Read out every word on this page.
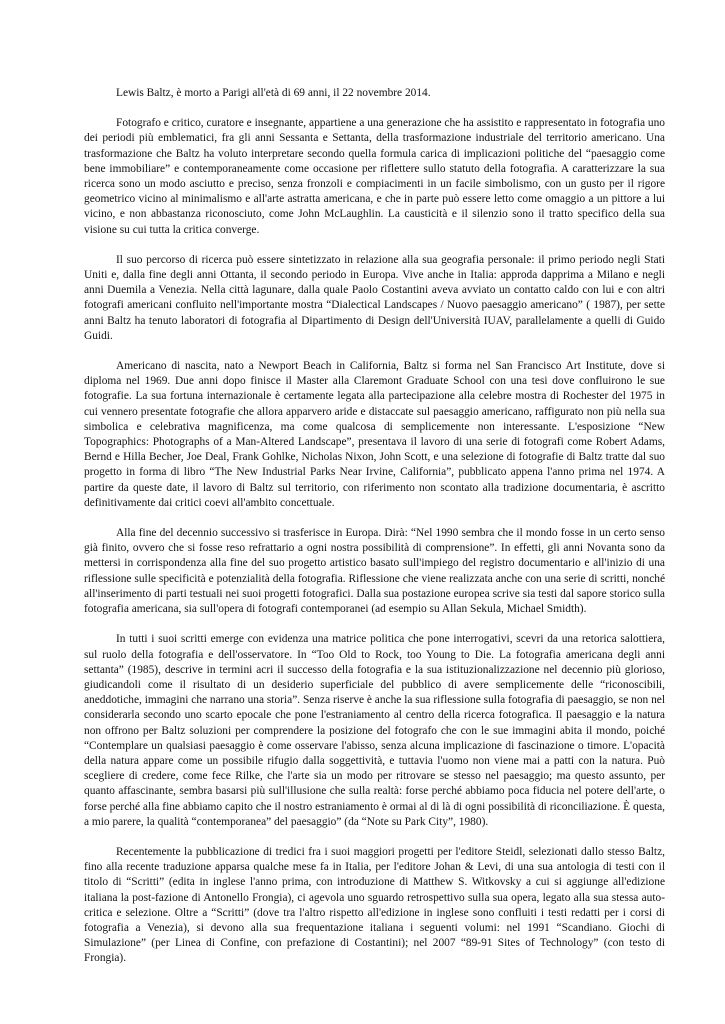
Lewis Baltz, è morto a Parigi all'età di 69 anni, il 22 novembre 2014.

Fotografo e critico, curatore e insegnante, appartiene a una generazione che ha assistito e rappresentato in fotografia uno dei periodi più emblematici, fra gli anni Sessanta e Settanta, della trasformazione industriale del territorio americano. Una trasformazione che Baltz ha voluto interpretare secondo quella formula carica di implicazioni politiche del “paesaggio come bene immobiliare” e contemporaneamente come occasione per riflettere sullo statuto della fotografia. A caratterizzare la sua ricerca sono un modo asciutto e preciso, senza fronzoli e compiacimenti in un facile simbolismo, con un gusto per il rigore geometrico vicino al minimalismo e all'arte astratta americana, e che in parte può essere letto come omaggio a un pittore a lui vicino, e non abbastanza riconosciuto, come John McLaughlin. La causticità e il silenzio sono il tratto specifico della sua visione su cui tutta la critica converge.

Il suo percorso di ricerca può essere sintetizzato in relazione alla sua geografia personale: il primo periodo negli Stati Uniti e, dalla fine degli anni Ottanta, il secondo periodo in Europa. Vive anche in Italia: approda dapprima a Milano e negli anni Duemila a Venezia. Nella città lagunare, dalla quale Paolo Costantini aveva avviato un contatto caldo con lui e con altri fotografi americani confluito nell'importante mostra “Dialectical Landscapes / Nuovo paesaggio americano” ( 1987), per sette anni Baltz ha tenuto laboratori di fotografia al Dipartimento di Design dell'Università IUAV, parallelamente a quelli di Guido Guidi.

Americano di nascita, nato a Newport Beach in California, Baltz si forma nel San Francisco Art Institute, dove si diploma nel 1969. Due anni dopo finisce il Master alla Claremont Graduate School con una tesi dove confluirono le sue fotografie. La sua fortuna internazionale è certamente legata alla partecipazione alla celebre mostra di Rochester del 1975 in cui vennero presentate fotografie che allora apparvero aride e distaccate sul paesaggio americano, raffigurato non più nella sua simbolica e celebrativa magnificenza, ma come qualcosa di semplicemente non interessante. L'esposizione “New Topographics: Photographs of a Man-Altered Landscape”, presentava il lavoro di una serie di fotografi come Robert Adams, Bernd e Hilla Becher, Joe Deal, Frank Gohlke, Nicholas Nixon, John Scott, e una selezione di fotografie di Baltz tratte dal suo progetto in forma di libro “The New Industrial Parks Near Irvine, California”, pubblicato appena l'anno prima nel 1974. A partire da queste date, il lavoro di Baltz sul territorio, con riferimento non scontato alla tradizione documentaria, è ascritto definitivamente dai critici coevi all'ambito concettuale.

Alla fine del decennio successivo si trasferisce in Europa. Dirà: “Nel 1990 sembra che il mondo fosse in un certo senso già finito, ovvero che si fosse reso refrattario a ogni nostra possibilità di comprensione”. In effetti, gli anni Novanta sono da mettersi in corrispondenza alla fine del suo progetto artistico basato sull'impiego del registro documentario e all'inizio di una riflessione sulle specificità e potenzialità della fotografia. Riflessione che viene realizzata anche con una serie di scritti, nonché all'inserimento di parti testuali nei suoi progetti fotografici. Dalla sua postazione europea scrive sia testi dal sapore storico sulla fotografia americana, sia sull'opera di fotografi contemporanei (ad esempio su Allan Sekula, Michael Smidth).

In tutti i suoi scritti emerge con evidenza una matrice politica che pone interrogativi, scevri da una retorica salottiera, sul ruolo della fotografia e dell'osservatore. In “Too Old to Rock, too Young to Die. La fotografia americana degli anni settanta” (1985), descrive in termini acri il successo della fotografia e la sua istituzionalizzazione nel decennio più glorioso, giudicandoli come il risultato di un desiderio superficiale del pubblico di avere semplicemente delle “riconoscibili, aneddotiche, immagini che narrano una storia”. Senza riserve è anche la sua riflessione sulla fotografia di paesaggio, se non nel considerarla secondo uno scarto epocale che pone l'estraniamento al centro della ricerca fotografica. Il paesaggio e la natura non offrono per Baltz soluzioni per comprendere la posizione del fotografo che con le sue immagini abita il mondo, poiché “Contemplare un qualsiasi paesaggio è come osservare l'abisso, senza alcuna implicazione di fascinazione o timore. L'opacità della natura appare come un possibile rifugio dalla soggettività, e tuttavia l'uomo non viene mai a patti con la natura. Può scegliere di credere, come fece Rilke, che l'arte sia un modo per ritrovare se stesso nel paesaggio; ma questo assunto, per quanto affascinante, sembra basarsi più sull'illusione che sulla realtà: forse perché abbiamo poca fiducia nel potere dell'arte, o forse perché alla fine abbiamo capito che il nostro estraniamento è ormai al di là di ogni possibilità di riconciliazione. È questa, a mio parere, la qualità “contemporanea” del paesaggio” (da “Note su Park City”, 1980).

Recentemente la pubblicazione di tredici fra i suoi maggiori progetti per l'editore Steidl, selezionati dallo stesso Baltz, fino alla recente traduzione apparsa qualche mese fa in Italia, per l'editore Johan & Levi, di una sua antologia di testi con il titolo di “Scritti” (edita in inglese l'anno prima, con introduzione di Matthew S. Witkovsky a cui si aggiunge all'edizione italiana la post-fazione di Antonello Frongia), ci agevola uno sguardo retrospettivo sulla sua opera, legato alla sua stessa auto-critica e selezione. Oltre a “Scritti” (dove tra l'altro rispetto all'edizione in inglese sono confluiti i testi redatti per i corsi di fotografia a Venezia), si devono alla sua frequentazione italiana i seguenti volumi: nel 1991 “Scandiano. Giochi di Simulazione” (per Linea di Confine, con prefazione di Costantini); nel 2007 “89-91 Sites of Technology” (con testo di Frongia).
